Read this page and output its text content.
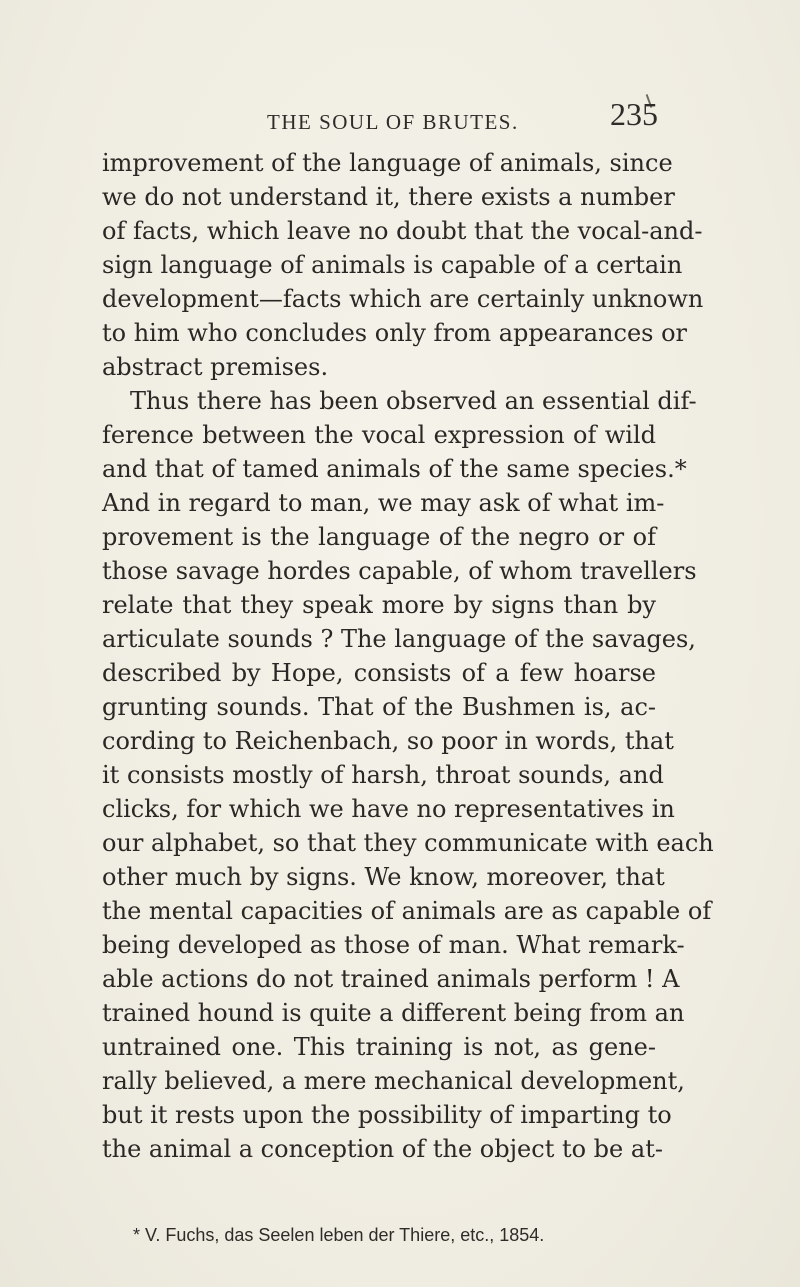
THE SOUL OF BRUTES.	235
improvement of the language of animals, since
we do not understand it, there exists a number
of facts, which leave no doubt that the vocal-and-
sign language of animals is capable of a certain
development—facts which are certainly unknown
to him who concludes only from appearances or
abstract premises.
Thus there has been observed an essential dif-
ference between the vocal expression of wild
and that of tamed animals of the same species.*
And in regard to man, we may ask of what im-
provement is the language of the negro or of
those savage hordes capable, of whom travellers
relate that they speak more by signs than by
articulate sounds ? The language of the savages,
described by Hope, consists of a few hoarse
grunting sounds. That of the Bushmen is, ac-
cording to Reichenbach, so poor in words, that
it consists mostly of harsh, throat sounds, and
clicks, for which we have no representatives in
our alphabet, so that they communicate with each
other much by signs. We know, moreover, that
the mental capacities of animals are as capable of
being developed as those of man. What remark-
able actions do not trained animals perform ! A
trained hound is quite a different being from an
untrained one. This training is not, as gene-
rally believed, a mere mechanical development,
but it rests upon the possibility of imparting to
the animal a conception of the object to be at-
* V. Fuchs, das Seelen leben der Thiere, etc., 1854.
